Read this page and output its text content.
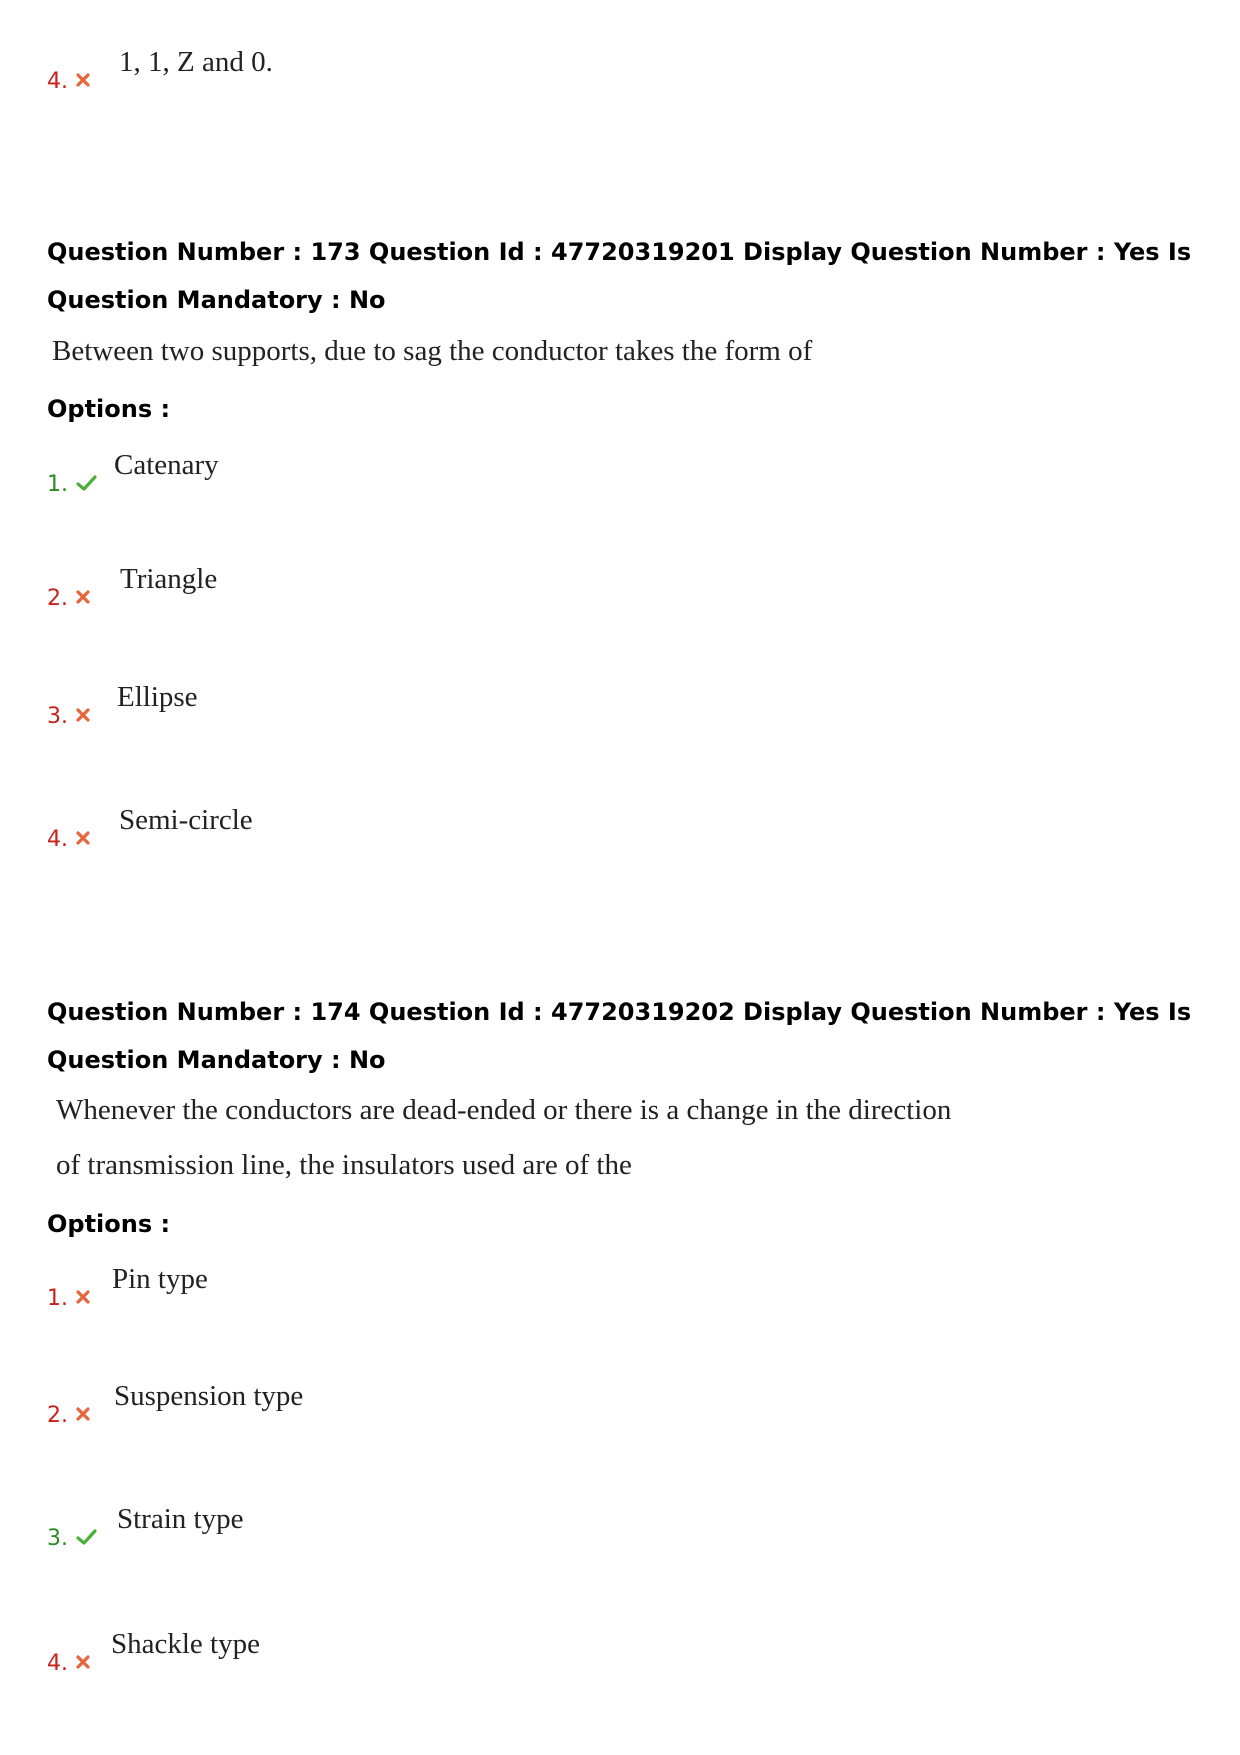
4.
1, 1, Z and 0.
Question Number : 173 Question Id : 47720319201 Display Question Number : Yes Is Question Mandatory : No
Between two supports, due to sag the conductor takes the form of
Options :
1.
Catenary
2.
Triangle
3.
Ellipse
4.
Semi-circle
Question Number : 174 Question Id : 47720319202 Display Question Number : Yes Is Question Mandatory : No
Whenever the conductors are dead-ended or there is a change in the direction
of transmission line, the insulators used are of the
Options :
1.
Pin type
2.
Suspension type
3.
Strain type
4.
Shackle type
